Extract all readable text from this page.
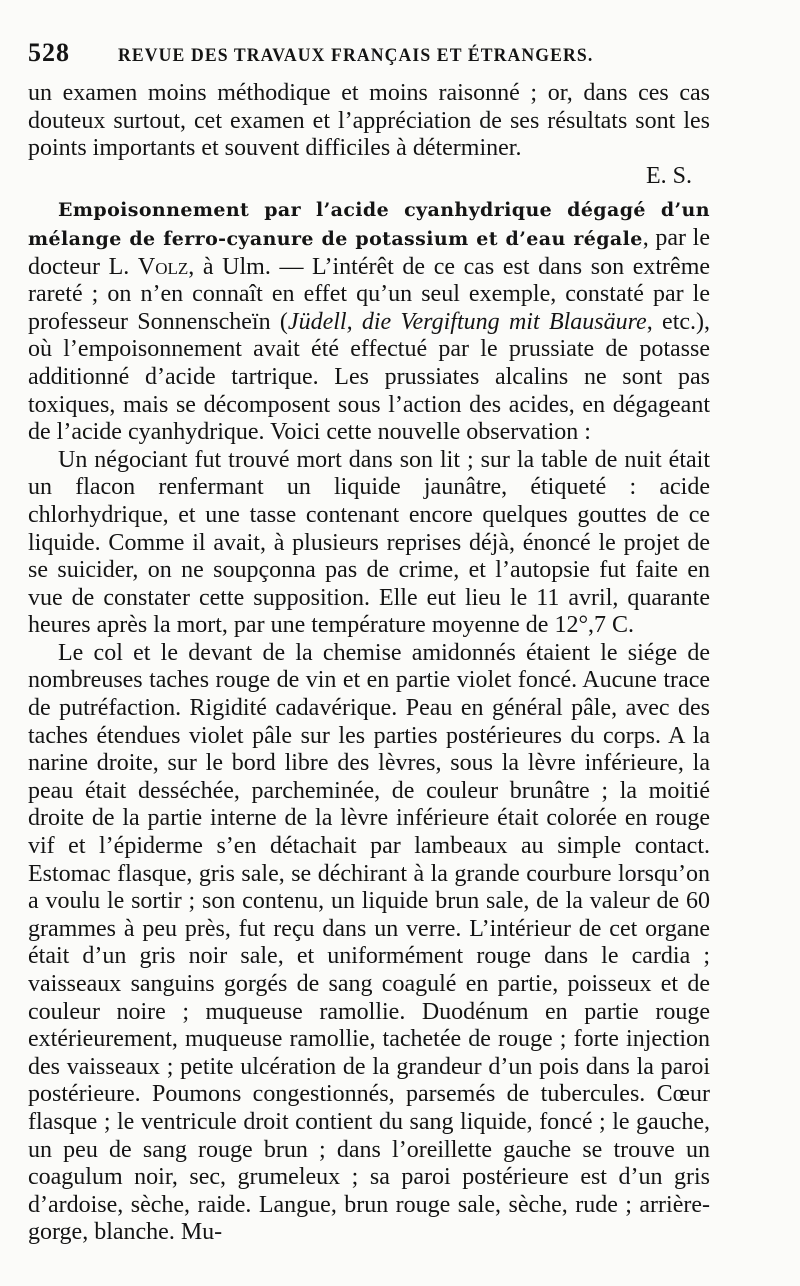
528	REVUE DES TRAVAUX FRANÇAIS ET ÉTRANGERS.

un examen moins méthodique et moins raisonné ; or, dans ces cas douteux surtout, cet examen et l’appréciation de ses résultats sont les points importants et souvent difficiles à déterminer.

E. S.

Empoisonnement par l’acide cyanhydrique dégagé d’un mélange de ferro-cyanure de potassium et d’eau régale, par le docteur L. Volz, à Ulm. — L’intérêt de ce cas est dans son extrême rareté ; on n’en connaît en effet qu’un seul exemple, constaté par le professeur Sonnenscheïn (Jüdell, die Vergiftung mit Blausäure, etc.), où l’empoisonnement avait été effectué par le prussiate de potasse additionné d’acide tartrique. Les prussiates alcalins ne sont pas toxiques, mais se décomposent sous l’action des acides, en dégageant de l’acide cyanhydrique. Voici cette nouvelle observation :

Un négociant fut trouvé mort dans son lit ; sur la table de nuit était un flacon renfermant un liquide jaunâtre, étiqueté : acide chlorhydrique, et une tasse contenant encore quelques gouttes de ce liquide. Comme il avait, à plusieurs reprises déjà, énoncé le projet de se suicider, on ne soupçonna pas de crime, et l’autopsie fut faite en vue de constater cette supposition. Elle eut lieu le 11 avril, quarante heures après la mort, par une température moyenne de 12°,7 C.

Le col et le devant de la chemise amidonnés étaient le siége de nombreuses taches rouge de vin et en partie violet foncé. Aucune trace de putréfaction. Rigidité cadavérique. Peau en général pâle, avec des taches étendues violet pâle sur les parties postérieures du corps. A la narine droite, sur le bord libre des lèvres, sous la lèvre inférieure, la peau était desséchée, parcheminée, de couleur brunâtre ; la moitié droite de la partie interne de la lèvre inférieure était colorée en rouge vif et l’épiderme s’en détachait par lambeaux au simple contact. Estomac flasque, gris sale, se déchirant à la grande courbure lorsqu’on a voulu le sortir ; son contenu, un liquide brun sale, de la valeur de 60 grammes à peu près, fut reçu dans un verre. L’intérieur de cet organe était d’un gris noir sale, et uniformément rouge dans le cardia ; vaisseaux sanguins gorgés de sang coagulé en partie, poisseux et de couleur noire ; muqueuse ramollie. Duodénum en partie rouge extérieurement, muqueuse ramollie, tachetée de rouge ; forte injection des vaisseaux ; petite ulcération de la grandeur d’un pois dans la paroi postérieure. Poumons congestionnés, parsemés de tubercules. Cœur flasque ; le ventricule droit contient du sang liquide, foncé ; le gauche, un peu de sang rouge brun ; dans l’oreillette gauche se trouve un coagulum noir, sec, grumeleux ; sa paroi postérieure est d’un gris d’ardoise, sèche, raide. Langue, brun rouge sale, sèche, rude ; arrière-gorge, blanche. Mu-
